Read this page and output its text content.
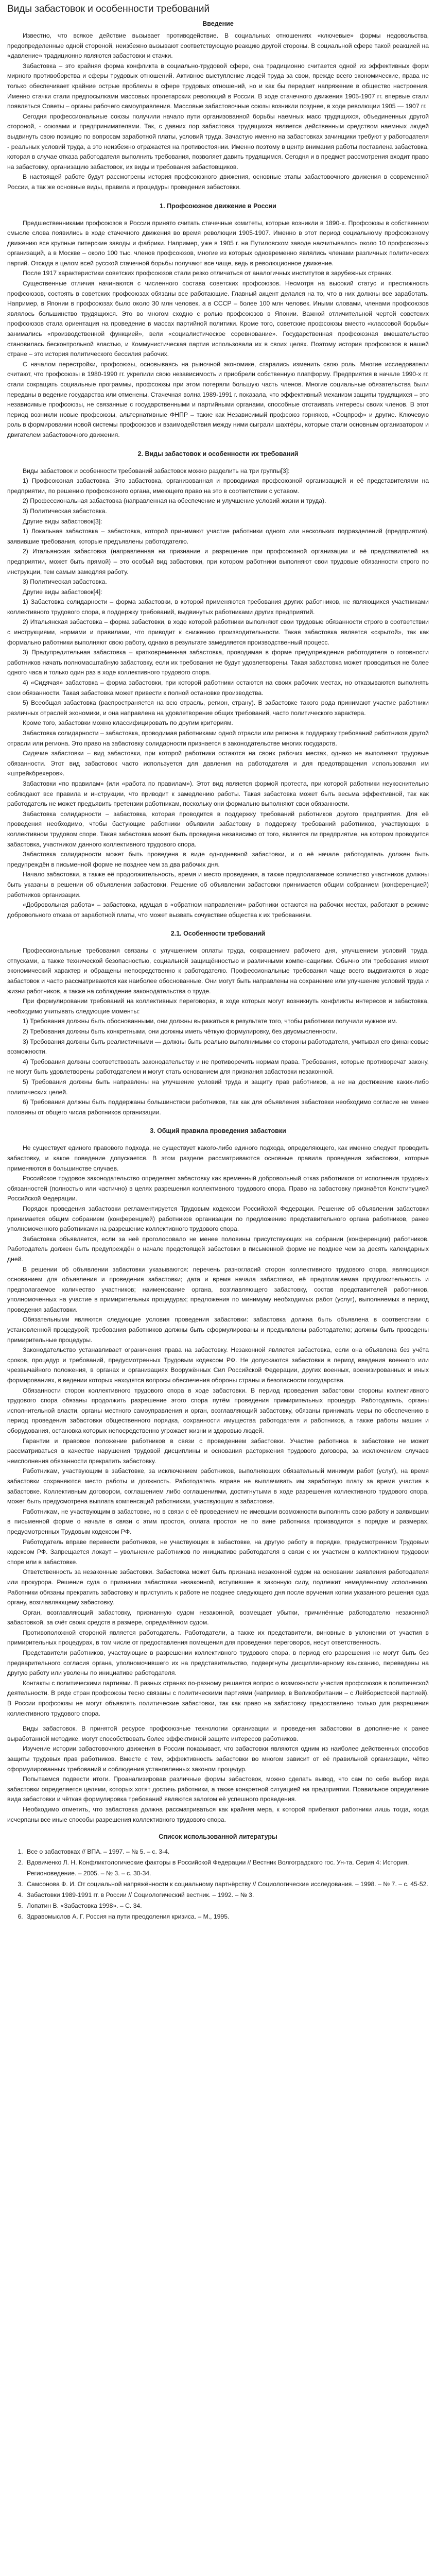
Виды забастовок и особенности требований
Введение

Известно, что всякое действие вызывает противодействие. В социальных отношениях «ключевые» формы недовольства, предопределенные одной стороной, неизбежно вызывают соответствующую реакцию другой стороны. В социальной сфере такой реакцией на «давление» традиционно являются забастовки и стачки.

Забастовка – это крайняя форма конфликта в социально-трудовой сфере, она традиционно считается одной из эффективных форм мирного противоборства и сферы трудовых отношений. Активное выступление людей труда за свои, прежде всего экономические, права не только обеспечивает крайние острые проблемы в сфере трудовых отношений, но и как бы передает напряжение в общество настроения. Именно стачки стали предпосылками массовых пролетарских революций в России. В ходе стачечного движения 1905-1907 гг. впервые стали появляться Советы – органы рабочего самоуправления. Массовые забастовочные союзы возникли позднее, в ходе революции 1905 — 1907 гг.

Сегодня профессиональные союзы получили начало пути организованной борьбы наемных масс трудящихся, объединенных другой стороной, - союзами и предпринимателями. Так, с давних пор забастовка трудящихся является действенным средством наемных людей выдвинуть свою позицию по вопросам заработной платы, условий труда. Зачастую именно на забастовках зачинщики требуют у работодателя - реальных условий труда, а это неизбежно отражается на противостоянии. Именно поэтому в центр внимания работы поставлена забастовка, которая в случае отказа работодателя выполнить требования, позволяет давить трудящимся. Сегодня и в предмет рассмотрения входит право на забастовку, организацию забастовок, их виды и требования забастовщиков.

В настоящей работе будут рассмотрены история профсоюзного движения, основные этапы забастовочного движения в современной России, а так же основные виды, правила и процедуры проведения забастовки.

1. Профсоюзное движение в России

Предшественниками профсоюзов в России принято считать стачечные комитеты, которые возникли в 1890-х. Профсоюзы в собственном смысле слова появились в ходе стачечного движения во время революции 1905-1907. Именно в этот период социальному профсоюзному движению все крупные питерские заводы и фабрики. Например, уже в 1905 г. на Путиловском заводе насчитывалось около 10 профсоюзных организаций, а в Москве – около 100 тыс. членов профсоюзов, многие из которых одновременно являлись членами различных политических партий. Отсюда в целом всей русской стачечной борьбы получают все чаще, ведь в революционное движение.

После 1917 характеристики советских профсоюзов стали резко отличаться от аналогичных институтов в зарубежных странах.

Существенные отличия начинаются с численного состава советских профсоюзов. Несмотря на высокий статус и престижность профсоюзов, состоять в советских профсоюзах обязаны все работающие. Главный акцент делался на то, что в них должны все заработать. Например, в Японии в профсоюзах было около 30 млн человек, а в СССР – более 100 млн человек. Иными словами, членами профсоюзов являлось большинство трудящихся. Это во многом сходно с ролью профсоюзов в Японии. Важной отличительной чертой советских профсоюзов стала ориентация на проведение в массах партийной политики. Кроме того, советские профсоюзы вместо «классовой борьбы» занимались «производственной функцией», вели «социалистическое соревнование». Государственная профсоюзная вмешательство становилась бесконтрольной властью, и Коммунистическая партия использовала их в своих целях. Поэтому история профсоюзов в нашей стране – это история политического бессилия рабочих.

С началом перестройки, профсоюзы, основываясь на рыночной экономике, старались изменить свою роль. Многие исследователи считают, что профсоюзы в 1980-1990 гг. укрепили свою независимость и приобрели собственную платформу. Предприятия в начале 1990-х гг. стали сокращать социальные программы, профсоюзы при этом потеряли большую часть членов. Многие социальные обязательства были переданы в ведение государства или отменены. Стачечная волна 1989-1991 г. показала, что эффективный механизм защиты трудящихся – это независимые профсоюзы, не связанные с государственными и партийными органами, способные отстаивать интересы своих членов. В этот период возникли новые профсоюзы, альтернативные ФНПР – такие как Независимый профсоюз горняков, «Соцпроф» и другие. Ключевую роль в формировании новой системы профсоюзов и взаимодействия между ними сыграли шахтёры, которые стали основным организатором и двигателем забастовочного движения.

2. Виды забастовок и особенности их требований

Виды забастовок и особенности требований забастовок можно разделить на три группы[3]:

1) Профсоюзная забастовка. Это забастовка, организованная и проводимая профсоюзной организацией и её представителями на предприятии, по решению профсоюзного органа, имеющего право на это в соответствии с уставом.

2) Профессиональная забастовка (направленная на обеспечение и улучшение условий жизни и труда).

3) Политическая забастовка.

Другие виды забастовок[3]:

1) Локальная забастовка – забастовка, которой принимают участие работники одного или нескольких подразделений (предприятия), заявившие требования, которые предъявлены работодателю.

2) Итальянская забастовка (направленная на признание и разрешение при профсоюзной организации и её представителей на предприятии, может быть прямой) – это особый вид забастовки, при котором работники выполняют свои трудовые обязанности строго по инструкции, тем самым замедляя работу.

3) Политическая забастовка.

Другие виды забастовок[4]:

1) Забастовка солидарности – форма забастовки, в которой применяются требования других работников, не являющихся участниками коллективного трудового спора, в поддержку требований, выдвинутых работниками других предприятий.

2) Итальянская забастовка – форма забастовки, в ходе которой работники выполняют свои трудовые обязанности строго в соответствии с инструкциями, нормами и правилами, что приводит к снижению производительности. Такая забастовка является «скрытой», так как формально работники выполняют свою работу, однако в результате замедляется производственный процесс.

3) Предупредительная забастовка – кратковременная забастовка, проводимая в форме предупреждения работодателя о готовности работников начать полномасштабную забастовку, если их требования не будут удовлетворены. Такая забастовка может проводиться не более одного часа и только один раз в ходе коллективного трудового спора.

4) «Сидячая» забастовка – форма забастовки, при которой работники остаются на своих рабочих местах, но отказываются выполнять свои обязанности. Такая забастовка может привести к полной остановке производства.

5) Всеобщая забастовка (распространяется на всю отрасль, регион, страну). В забастовке такого рода принимают участие работники различных отраслей экономики, и она направлена на удовлетворение общих требований, часто политического характера.

Кроме того, забастовки можно классифицировать по другим критериям.

Забастовка солидарности – забастовка, проводимая работниками одной отрасли или региона в поддержку требований работников другой отрасли или региона. Это право на забастовку солидарности признается в законодательстве многих государств.

Сидячие забастовки – вид забастовки, при которой работники остаются на своих рабочих местах, однако не выполняют трудовые обязанности. Этот вид забастовок часто используется для давления на работодателя и для предотвращения использования им «штрейкбрехеров».

Забастовки «по правилам» (или «работа по правилам»). Этот вид является формой протеста, при которой работники неукоснительно соблюдают все правила и инструкции, что приводит к замедлению работы. Такая забастовка может быть весьма эффективной, так как работодатель не может предъявить претензии работникам, поскольку они формально выполняют свои обязанности.

Забастовка солидарности – забастовка, которая проводится в поддержку требований работников другого предприятия. Для её проведения необходимо, чтобы бастующие работники объявили забастовку в поддержку требований работников, участвующих в коллективном трудовом споре. Такая забастовка может быть проведена независимо от того, является ли предприятие, на котором проводится забастовка, участником данного коллективного трудового спора.

Забастовка солидарности может быть проведена в виде однодневной забастовки, и о её начале работодатель должен быть предупреждён в письменной форме не позднее чем за два рабочих дня.

Начало забастовки, а также её продолжительность, время и место проведения, а также предполагаемое количество участников должны быть указаны в решении об объявлении забастовки. Решение об объявлении забастовки принимается общим собранием (конференцией) работников организации.

«Добровольная работа» – забастовка, идущая в «обратном направлении» работники остаются на рабочих местах, работают в режиме добровольного отказа от заработной платы, что может вызвать сочувствие общества к их требованиям.

2.1. Особенности требований

Профессиональные требования связаны с улучшением оплаты труда, сокращением рабочего дня, улучшением условий труда, отпусками, а также технической безопасностью, социальной защищённостью и различными компенсациями. Обычно эти требования имеют экономический характер и обращены непосредственно к работодателю. Профессиональные требования чаще всего выдвигаются в ходе забастовок и часто рассматриваются как наиболее обоснованные. Они могут быть направлены на сохранение или улучшение условий труда и жизни работников, а также на соблюдение законодательства о труде.

При формулировании требований на коллективных переговорах, в ходе которых могут возникнуть конфликты интересов и забастовка, необходимо учитывать следующие моменты:

1) Требования должны быть обоснованными, они должны выражаться в результате того, чтобы работники получили нужное им.

2) Требования должны быть конкретными, они должны иметь чёткую формулировку, без двусмысленности.

3) Требования должны быть реалистичными — должны быть реально выполнимыми со стороны работодателя, учитывая его финансовые возможности.

4) Требования должны соответствовать законодательству и не противоречить нормам права. Требования, которые противоречат закону, не могут быть удовлетворены работодателем и могут стать основанием для признания забастовки незаконной.

5) Требования должны быть направлены на улучшение условий труда и защиту прав работников, а не на достижение каких-либо политических целей.

6) Требования должны быть поддержаны большинством работников, так как для объявления забастовки необходимо согласие не менее половины от общего числа работников организации.

3. Общий правила проведения забастовки

Не существует единого правового подхода, не существует какого-либо единого подхода, определяющего, как именно следует проводить забастовку, и какое поведение допускается. В этом разделе рассматриваются основные правила проведения забастовки, которые применяются в большинстве случаев.

Российское трудовое законодательство определяет забастовку как временный добровольный отказ работников от исполнения трудовых обязанностей (полностью или частично) в целях разрешения коллективного трудового спора. Право на забастовку признаётся Конституцией Российской Федерации.

Порядок проведения забастовки регламентируется Трудовым кодексом Российской Федерации. Решение об объявлении забастовки принимается общим собранием (конференцией) работников организации по предложению представительного органа работников, ранее уполномоченного работниками на разрешение коллективного трудового спора.

Забастовка объявляется, если за неё проголосовало не менее половины присутствующих на собрании (конференции) работников. Работодатель должен быть предупреждён о начале предстоящей забастовки в письменной форме не позднее чем за десять календарных дней.

В решении об объявлении забастовки указываются: перечень разногласий сторон коллективного трудового спора, являющихся основанием для объявления и проведения забастовки; дата и время начала забастовки, её предполагаемая продолжительность и предполагаемое количество участников; наименование органа, возглавляющего забастовку, состав представителей работников, уполномоченных на участие в примирительных процедурах; предложения по минимуму необходимых работ (услуг), выполняемых в период проведения забастовки.

Обязательными являются следующие условия проведения забастовки: забастовка должна быть объявлена в соответствии с установленной процедурой; требования работников должны быть сформулированы и предъявлены работодателю; должны быть проведены примирительные процедуры.

Законодательство устанавливает ограничения права на забастовку. Незаконной является забастовка, если она объявлена без учёта сроков, процедур и требований, предусмотренных Трудовым кодексом РФ. Не допускаются забастовки в период введения военного или чрезвычайного положения, в органах и организациях Вооружённых Сил Российской Федерации, других военных, военизированных и иных формированиях, в ведении которых находятся вопросы обеспечения обороны страны и безопасности государства.

Обязанности сторон коллективного трудового спора в ходе забастовки. В период проведения забастовки стороны коллективного трудового спора обязаны продолжить разрешение этого спора путём проведения примирительных процедур. Работодатель, органы исполнительной власти, органы местного самоуправления и орган, возглавляющий забастовку, обязаны принимать меры по обеспечению в период проведения забастовки общественного порядка, сохранности имущества работодателя и работников, а также работы машин и оборудования, остановка которых непосредственно угрожает жизни и здоровью людей.

Гарантии и правовое положение работников в связи с проведением забастовки. Участие работника в забастовке не может рассматриваться в качестве нарушения трудовой дисциплины и основания расторжения трудового договора, за исключением случаев неисполнения обязанности прекратить забастовку.

Работникам, участвующим в забастовке, за исключением работников, выполняющих обязательный минимум работ (услуг), на время забастовки сохраняются место работы и должность. Работодатель вправе не выплачивать им заработную плату за время участия в забастовке. Коллективным договором, соглашением либо соглашениями, достигнутыми в ходе разрешения коллективного трудового спора, может быть предусмотрена выплата компенсаций работникам, участвующим в забастовке.

Работникам, не участвующим в забастовке, но в связи с её проведением не имевшим возможности выполнять свою работу и заявившим в письменной форме о начале в связи с этим простоя, оплата простоя не по вине работника производится в порядке и размерах, предусмотренных Трудовым кодексом РФ.

Работодатель вправе перевести работников, не участвующих в забастовке, на другую работу в порядке, предусмотренном Трудовым кодексом РФ. Запрещается локаут – увольнение работников по инициативе работодателя в связи с их участием в коллективном трудовом споре или в забастовке.

Ответственность за незаконные забастовки. Забастовка может быть признана незаконной судом на основании заявления работодателя или прокурора. Решение суда о признании забастовки незаконной, вступившее в законную силу, подлежит немедленному исполнению. Работники обязаны прекратить забастовку и приступить к работе не позднее следующего дня после вручения копии указанного решения суда органу, возглавляющему забастовку.

Орган, возглавляющий забастовку, признанную судом незаконной, возмещает убытки, причинённые работодателю незаконной забастовкой, за счёт своих средств в размере, определённом судом.

Противоположной стороной является работодатель. Работодатели, а также их представители, виновные в уклонении от участия в примирительных процедурах, в том числе от предоставления помещения для проведения переговоров, несут ответственность.

Представители работников, участвующие в разрешении коллективного трудового спора, в период его разрешения не могут быть без предварительного согласия органа, уполномочившего их на представительство, подвергнуты дисциплинарному взысканию, переведены на другую работу или уволены по инициативе работодателя.

Контакты с политическими партиями. В разных странах по-разному решается вопрос о возможности участия профсоюзов в политической деятельности. В ряде стран профсоюзы тесно связаны с политическими партиями (например, в Великобритании – с Лейбористской партией). В России профсоюзы не могут объявлять политические забастовки, так как право на забастовку предоставлено только для разрешения коллективного трудового спора.

Виды забастовок. В принятой ресурсе профсоюзные технологии организации и проведения забастовки в дополнение к ранее выработанной методике, могут способствовать более эффективной защите интересов работников.

Изучение истории забастовочного движения в России показывает, что забастовки являются одним из наиболее действенных способов защиты трудовых прав работников. Вместе с тем, эффективность забастовки во многом зависит от её правильной организации, чётко сформулированных требований и соблюдения установленных законом процедур.

Попытаемся подвести итоги. Проанализировав различные формы забастовок, можно сделать вывод, что сам по себе выбор вида забастовки определяется целями, которых хотят достичь работники, а также конкретной ситуацией на предприятии. Правильное определение вида забастовки и чёткая формулировка требований являются залогом её успешного проведения.

Необходимо отметить, что забастовка должна рассматриваться как крайняя мера, к которой прибегают работники лишь тогда, когда исчерпаны все иные способы разрешения коллективного трудового спора.

Список использованной литературы
1. Все о забастовках // ВПА. – 1997. – № 5. – с. 3-4.
2. Вдовиченко Л. Н. Конфликтологические факторы в Российской Федерации // Вестник Волгоградского гос. Ун-та. Серия 4: История. Регионоведение. – 2005. – № 3. – с. 30-34.
3. Самсонова Ф. И. От социальной напряжённости к социальному партнёрству // Социологические исследования. – 1998. – № 7. – с. 45-52.
4. Забастовки 1989-1991 гг. в России // Социологический вестник. – 1992. – № 3.
5. Лопатин В. «Забастовка 1998». – С. 34.
6. Здравомыслов А. Г. Россия на пути преодоления кризиса. – М., 1995.
